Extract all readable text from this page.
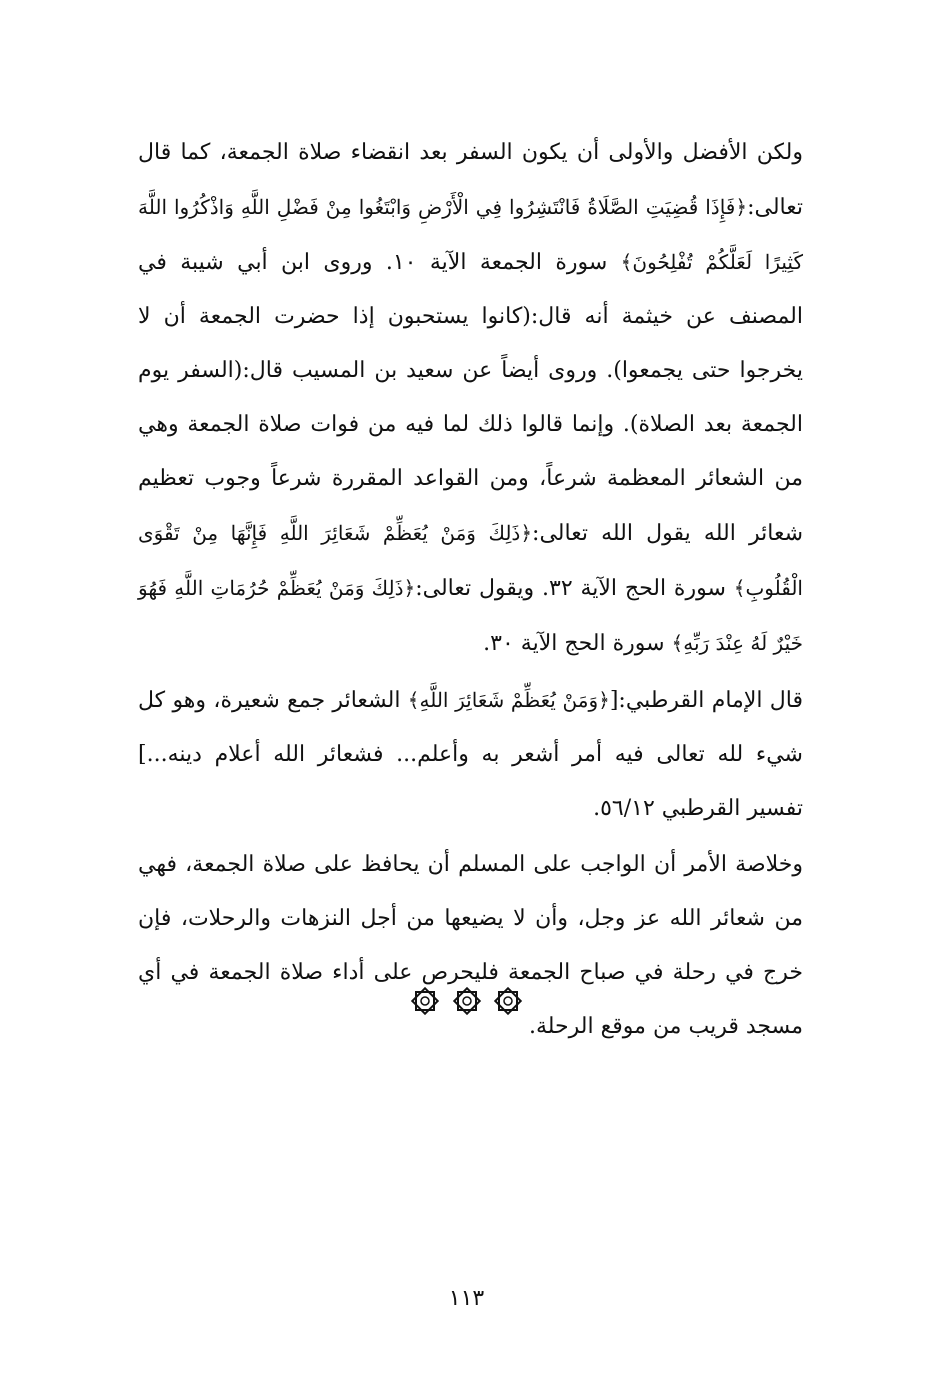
ولكن الأفضل والأولى أن يكون السفر بعد انقضاء صلاة الجمعة، كما قال تعالى:﴿فَإِذَا قُضِيَتِ الصَّلَاةُ فَانْتَشِرُوا فِي الْأَرْضِ وَابْتَغُوا مِنْ فَضْلِ اللَّهِ وَاذْكُرُوا اللَّهَ كَثِيرًا لَعَلَّكُمْ تُفْلِحُونَ﴾ سورة الجمعة الآية ١٠. وروى ابن أبي شيبة في المصنف عن خيثمة أنه قال:(كانوا يستحبون إذا حضرت الجمعة أن لا يخرجوا حتى يجمعوا). وروى أيضاً عن سعيد بن المسيب قال:(السفر يوم الجمعة بعد الصلاة). وإنما قالوا ذلك لما فيه من فوات صلاة الجمعة وهي من الشعائر المعظمة شرعاً، ومن القواعد المقررة شرعاً وجوب تعظيم شعائر الله يقول الله تعالى:﴿ذَلِكَ وَمَنْ يُعَظِّمْ شَعَائِرَ اللَّهِ فَإِنَّهَا مِنْ تَقْوَى الْقُلُوبِ﴾ سورة الحج الآية ٣٢. ويقول تعالى:﴿ذَلِكَ وَمَنْ يُعَظِّمْ حُرُمَاتِ اللَّهِ فَهُوَ خَيْرٌ لَهُ عِنْدَ رَبِّهِ﴾ سورة الحج الآية ٣٠.

قال الإمام القرطبي:[﴿وَمَنْ يُعَظِّمْ شَعَائِرَ اللَّهِ﴾ الشعائر جمع شعيرة، وهو كل شيء لله تعالى فيه أمر أشعر به وأعلم... فشعائر الله أعلام دينه...] تفسير القرطبي ٥٦/١٢.

وخلاصة الأمر أن الواجب على المسلم أن يحافظ على صلاة الجمعة، فهي من شعائر الله عز وجل، وأن لا يضيعها من أجل النزهات والرحلات، فإن خرج في رحلة في صباح الجمعة فليحرص على أداء صلاة الجمعة في أي مسجد قريب من موقع الرحلة.

١١٣
